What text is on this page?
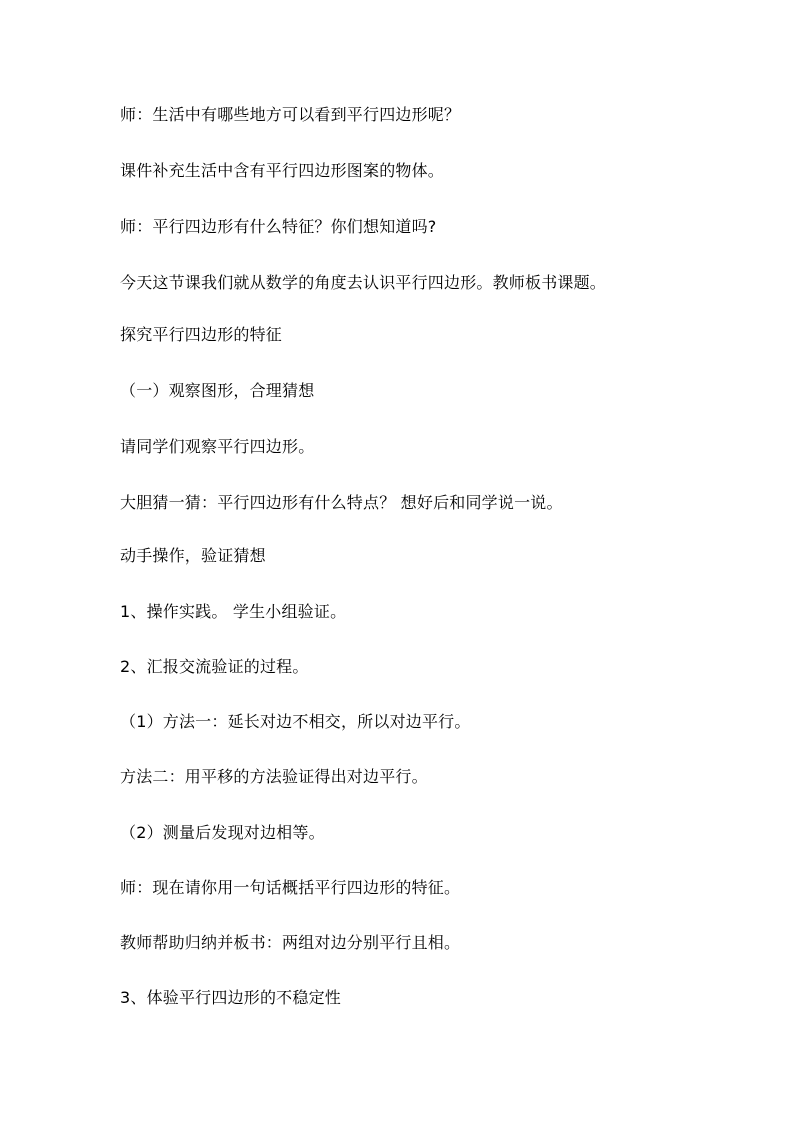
师：生活中有哪些地方可以看到平行四边形呢？

课件补充生活中含有平行四边形图案的物体。

师：平行四边形有什么特征？你们想知道吗?

今天这节课我们就从数学的角度去认识平行四边形。教师板书课题。

探究平行四边形的特征

（一）观察图形，合理猜想

请同学们观察平行四边形。

大胆猜一猜：平行四边形有什么特点？ 想好后和同学说一说。

动手操作，验证猜想

1、操作实践。 学生小组验证。

2、汇报交流验证的过程。

（1）方法一：延长对边不相交，所以对边平行。

方法二：用平移的方法验证得出对边平行。

（2）测量后发现对边相等。

师：现在请你用一句话概括平行四边形的特征。

教师帮助归纳并板书：两组对边分别平行且相。

3、体验平行四边形的不稳定性
